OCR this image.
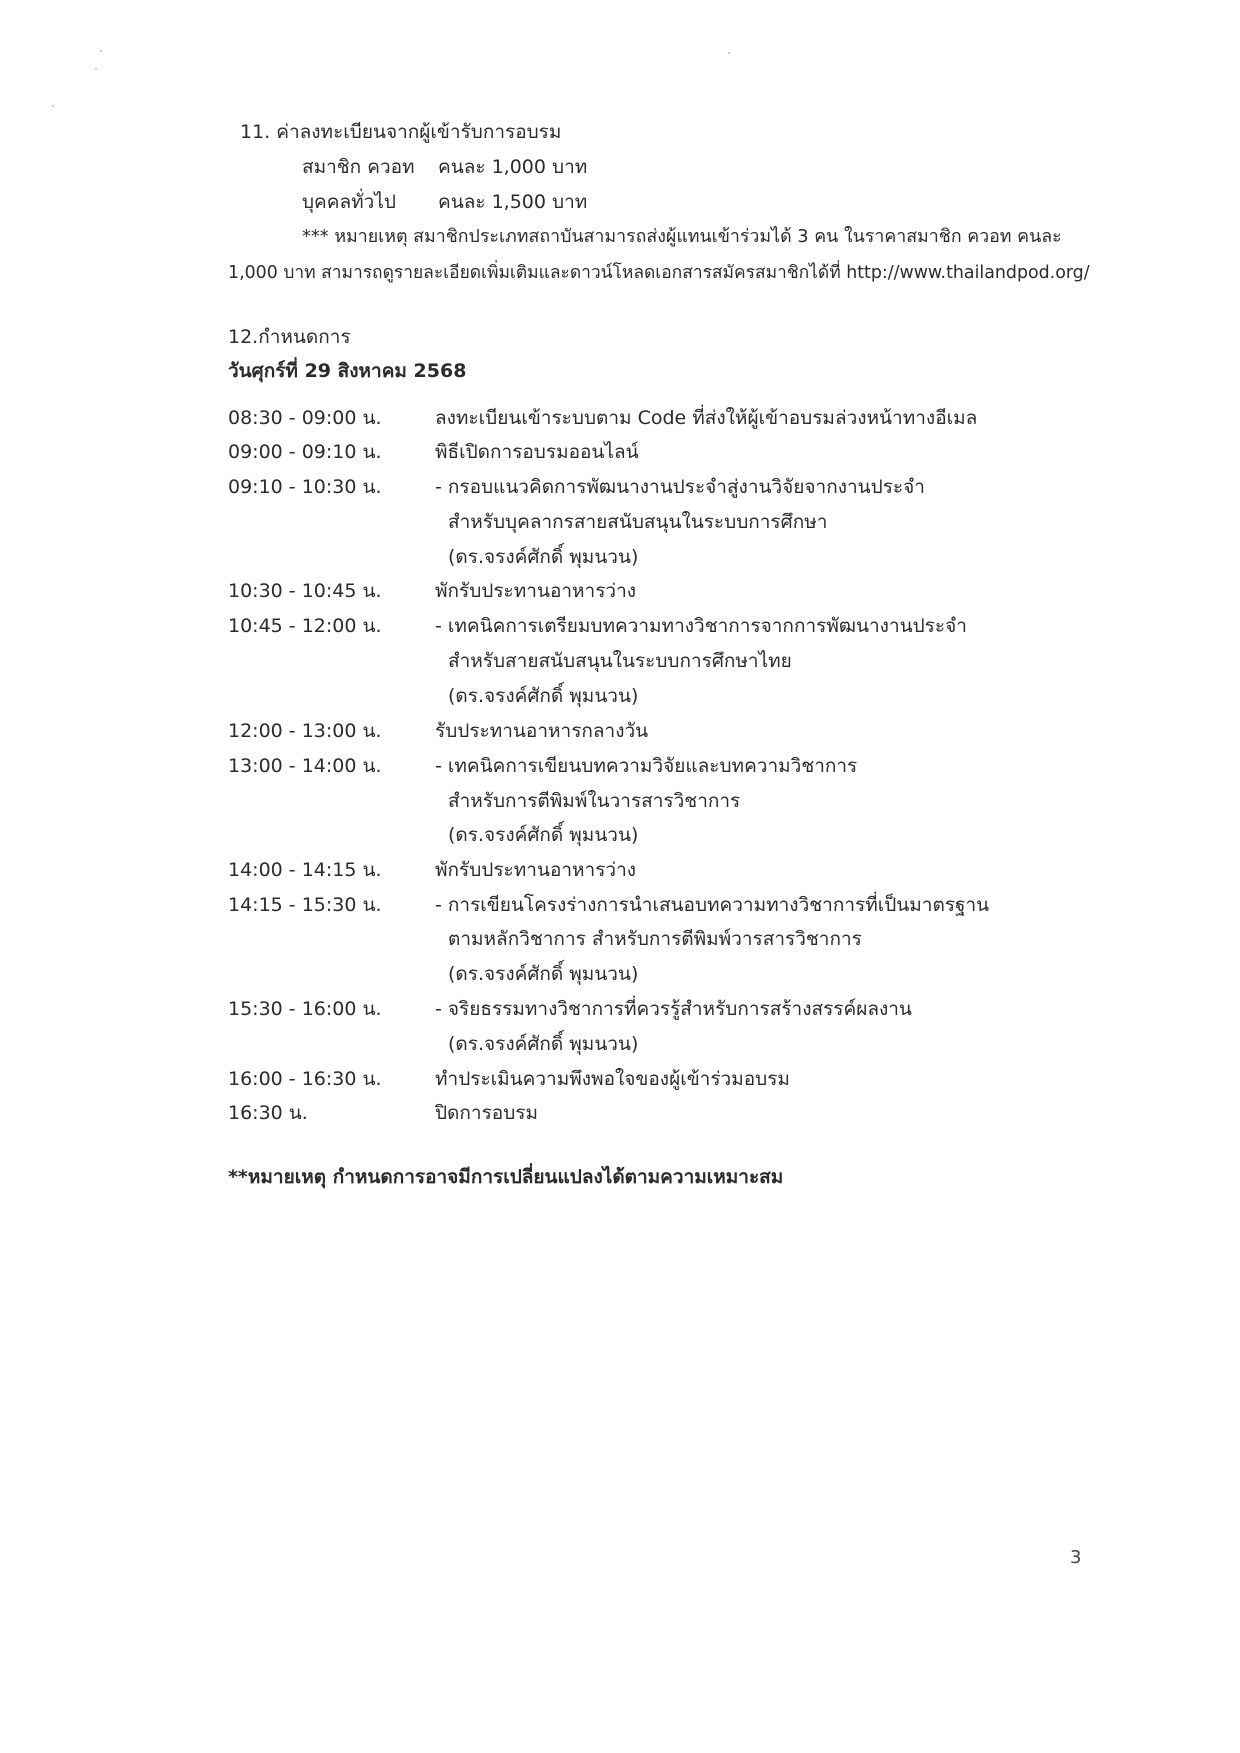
11. ค่าลงทะเบียนจากผู้เข้ารับการอบรม
สมาชิก ควอท คนละ 1,000 บาท
บุคคลทั่วไป คนละ 1,500 บาท
*** หมายเหตุ สมาชิกประเภทสถาบันสามารถส่งผู้แทนเข้าร่วมได้ 3 คน ในราคาสมาชิก ควอท คนละ
1,000 บาท สามารถดูรายละเอียดเพิ่มเติมและดาวน์โหลดเอกสารสมัครสมาชิกได้ที่ http://www.thailandpod.org/
12.กำหนดการ
วันศุกร์ที่ 29 สิงหาคม 2568
08:30 - 09:00 น.	ลงทะเบียนเข้าระบบตาม Code ที่ส่งให้ผู้เข้าอบรมล่วงหน้าทางอีเมล
09:00 - 09:10 น.	พิธีเปิดการอบรมออนไลน์
09:10 - 10:30 น.	- กรอบแนวคิดการพัฒนางานประจำสู่งานวิจัยจากงานประจำ
สำหรับบุคลากรสายสนับสนุนในระบบการศึกษา
(ดร.จรงค์ศักดิ์ พุมนวน)
10:30 - 10:45 น.	พักรับประทานอาหารว่าง
10:45 - 12:00 น.	- เทคนิคการเตรียมบทความทางวิชาการจากการพัฒนางานประจำ
สำหรับสายสนับสนุนในระบบการศึกษาไทย
(ดร.จรงค์ศักดิ์ พุมนวน)
12:00 - 13:00 น.	รับประทานอาหารกลางวัน
13:00 - 14:00 น.	- เทคนิคการเขียนบทความวิจัยและบทความวิชาการ
สำหรับการตีพิมพ์ในวารสารวิชาการ
(ดร.จรงค์ศักดิ์ พุมนวน)
14:00 - 14:15 น.	พักรับประทานอาหารว่าง
14:15 - 15:30 น.	- การเขียนโครงร่างการนำเสนอบทความทางวิชาการที่เป็นมาตรฐาน
ตามหลักวิชาการ สำหรับการตีพิมพ์วารสารวิชาการ
(ดร.จรงค์ศักดิ์ พุมนวน)
15:30 - 16:00 น.	- จริยธรรมทางวิชาการที่ควรรู้สำหรับการสร้างสรรค์ผลงาน
(ดร.จรงค์ศักดิ์ พุมนวน)
16:00 - 16:30 น.	ทำประเมินความพึงพอใจของผู้เข้าร่วมอบรม
16:30 น.	ปิดการอบรม
**หมายเหตุ กำหนดการอาจมีการเปลี่ยนแปลงได้ตามความเหมาะสม
3
